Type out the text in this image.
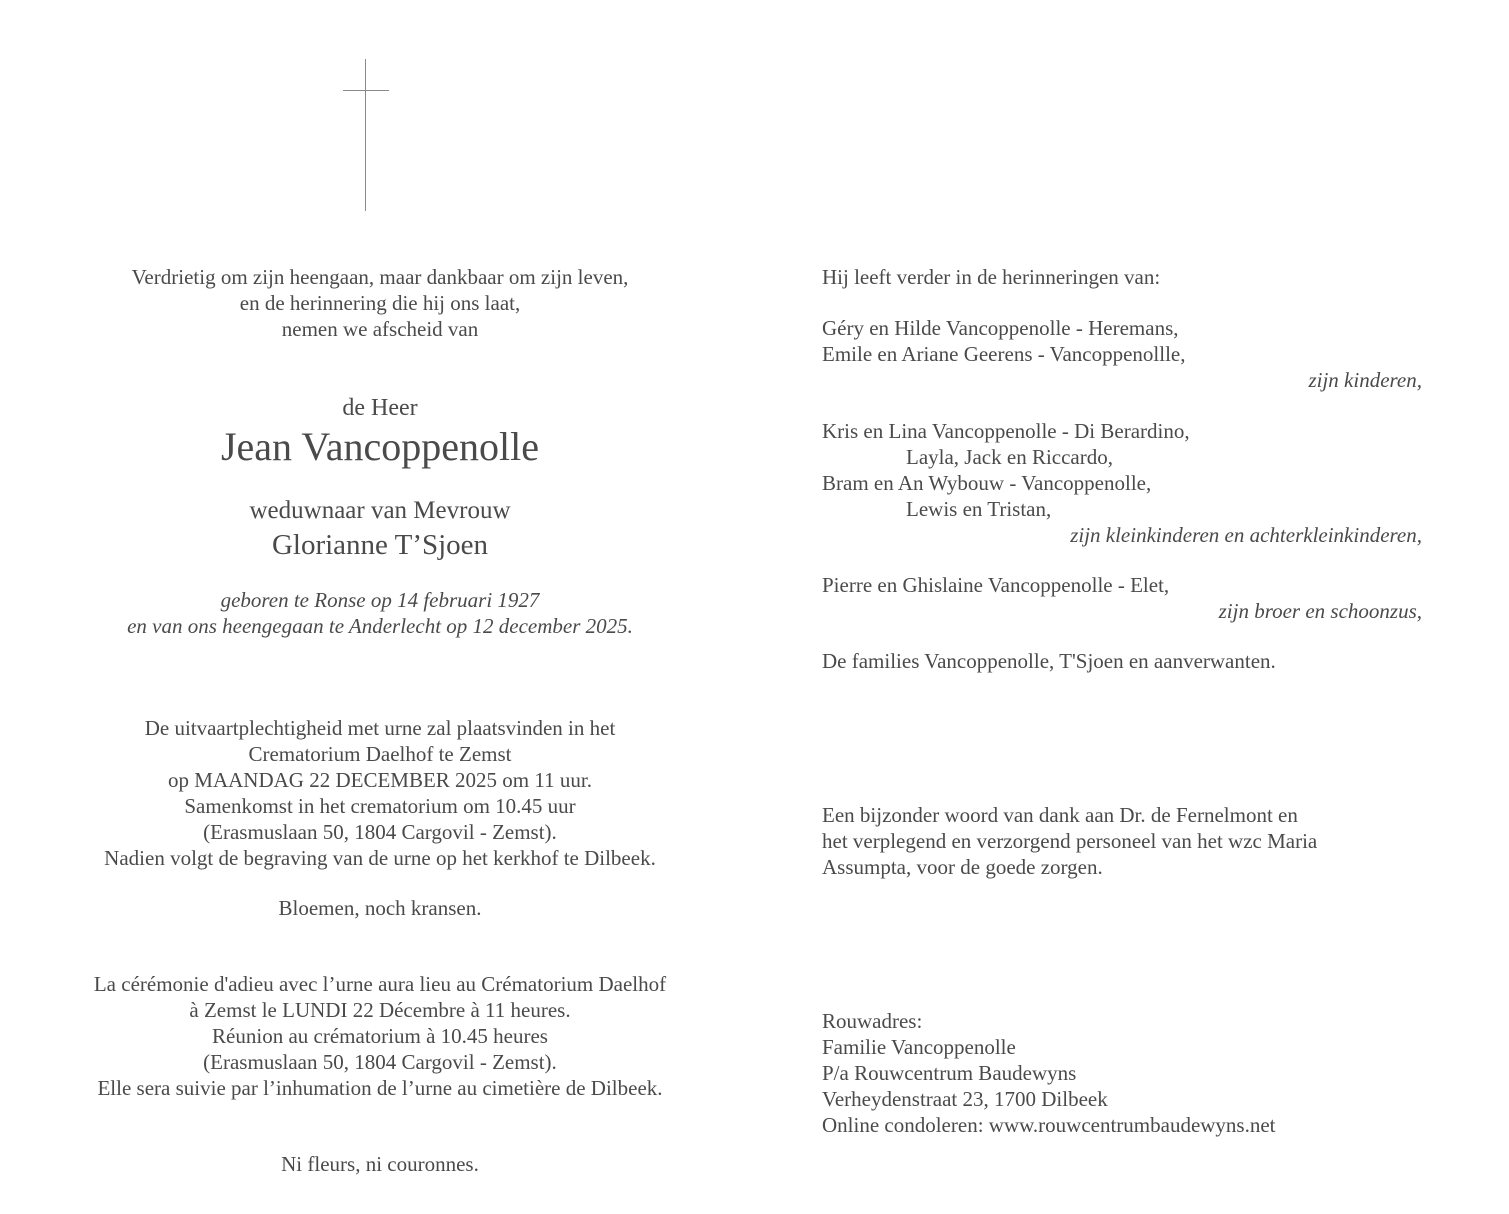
Verdrietig om zijn heengaan, maar dankbaar om zijn leven,
en de herinnering die hij ons laat,
nemen we afscheid van
de Heer
Jean Vancoppenolle
weduwnaar van Mevrouw
Glorianne T’Sjoen
geboren te Ronse op 14 februari 1927
en van ons heengegaan te Anderlecht op 12 december 2025.
De uitvaartplechtigheid met urne zal plaatsvinden in het
Crematorium Daelhof te Zemst
op MAANDAG 22 DECEMBER 2025 om 11 uur.
Samenkomst in het crematorium om 10.45 uur
(Erasmuslaan 50, 1804 Cargovil - Zemst).
Nadien volgt de begraving van de urne op het kerkhof te Dilbeek.
Bloemen, noch kransen.
La cérémonie d'adieu avec l’urne aura lieu au Crématorium Daelhof
à Zemst le LUNDI 22 Décembre à 11 heures.
Réunion au crématorium à 10.45 heures
(Erasmuslaan 50, 1804 Cargovil - Zemst).
Elle sera suivie par l’inhumation de l’urne au cimetière de Dilbeek.
Ni fleurs, ni couronnes.
Hij leeft verder in de herinneringen van:
Géry en Hilde Vancoppenolle - Heremans,
Emile en Ariane Geerens - Vancoppenollle,
zijn kinderen,
Kris en Lina Vancoppenolle - Di Berardino,
Layla, Jack en Riccardo,
Bram en An Wybouw - Vancoppenolle,
Lewis en Tristan,
zijn kleinkinderen en achterkleinkinderen,
Pierre en Ghislaine Vancoppenolle - Elet,
zijn broer en schoonzus,
De families Vancoppenolle, T'Sjoen en aanverwanten.
Een bijzonder woord van dank aan Dr. de Fernelmont en
het verplegend en verzorgend personeel van het wzc Maria
Assumpta, voor de goede zorgen.
Rouwadres:
Familie Vancoppenolle
P/a Rouwcentrum Baudewyns
Verheydenstraat 23, 1700 Dilbeek
Online condoleren: www.rouwcentrumbaudewyns.net
